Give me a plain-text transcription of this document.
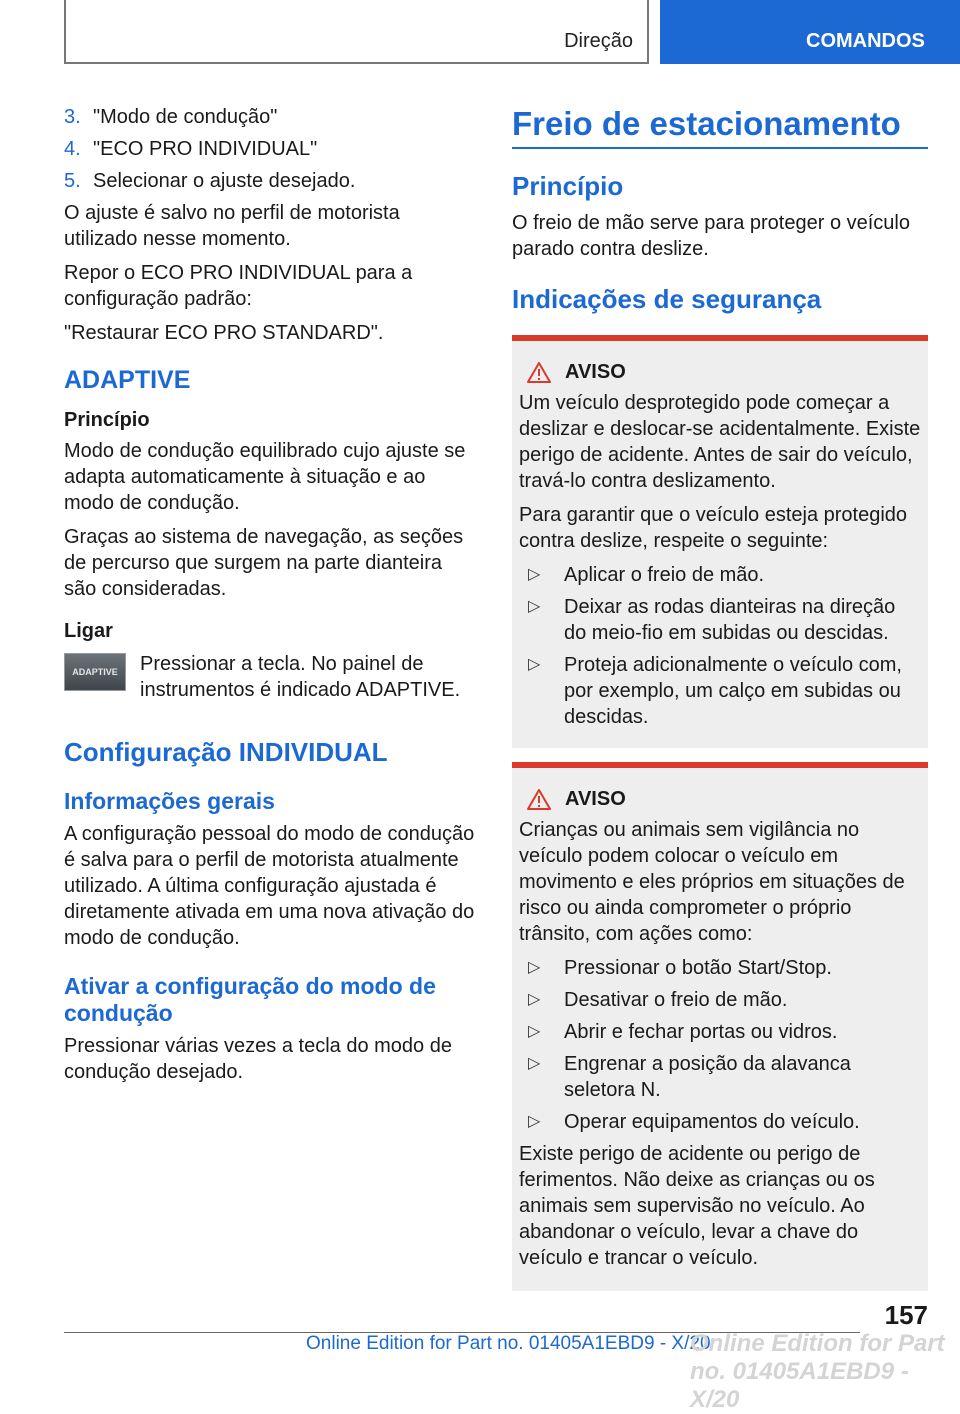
Direção	COMANDOS
3. "Modo de condução"
4. "ECO PRO INDIVIDUAL"
5. Selecionar o ajuste desejado.

O ajuste é salvo no perfil de motorista utilizado nesse momento.

Repor o ECO PRO INDIVIDUAL para a configuração padrão:

"Restaurar ECO PRO STANDARD".

ADAPTIVE
Princípio

Modo de condução equilibrado cujo ajuste se adapta automaticamente à situação e ao modo de condução.

Graças ao sistema de navegação, as seções de percurso que surgem na parte dianteira são consideradas.

Ligar
ADAPTIVE	Pressionar a tecla. No painel de instrumentos é indicado ADAPTIVE.
Configuração INDIVIDUAL
Informações gerais

A configuração pessoal do modo de condução é salva para o perfil de motorista atualmente utilizado. A última configuração ajustada é diretamente ativada em uma nova ativação do modo de condução.

Ativar a configuração do modo de condução

Pressionar várias vezes a tecla do modo de condução desejado.

Freio de estacionamento
Princípio

O freio de mão serve para proteger o veículo parado contra deslize.

Indicações de segurança
AVISO

Um veículo desprotegido pode começar a deslizar e deslocar-se acidentalmente. Existe perigo de acidente. Antes de sair do veículo, travá-lo contra deslizamento.

Para garantir que o veículo esteja protegido contra deslize, respeite o seguinte:

▷	Aplicar o freio de mão.
▷	Deixar as rodas dianteiras na direção do meio-fio em subidas ou descidas.
▷	Proteja adicionalmente o veículo com, por exemplo, um calço em subidas ou descidas.
AVISO

Crianças ou animais sem vigilância no veículo podem colocar o veículo em movimento e eles próprios em situações de risco ou ainda comprometer o próprio trânsito, com ações como:

▷	Pressionar o botão Start/Stop.
▷	Desativar o freio de mão.
▷	Abrir e fechar portas ou vidros.
▷	Engrenar a posição da alavanca seletora N.
▷	Operar equipamentos do veículo.

Existe perigo de acidente ou perigo de ferimentos. Não deixe as crianças ou os animais sem supervisão no veículo. Ao abandonar o veículo, levar a chave do veículo e trancar o veículo.

157
Online Edition for Part no. 01405A1EBD9 - X/20
Online Edition for Part no. 01405A1EBD9 - X/20
